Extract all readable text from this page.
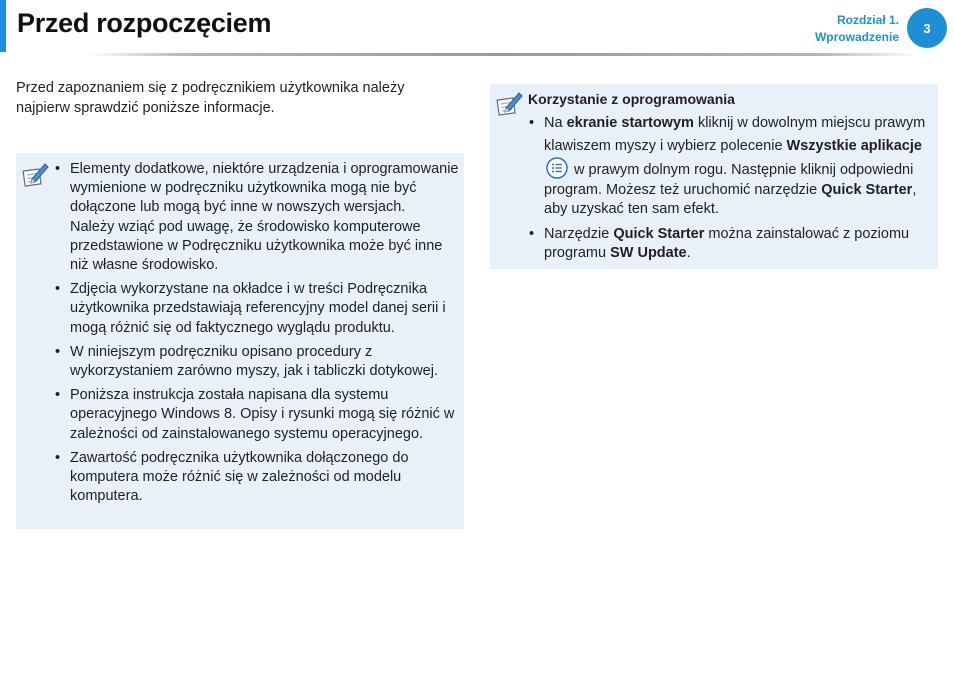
Przed rozpoczęciem	Rozdział 1.
Wprowadzenie
3

Przed zapoznaniem się z podręcznikiem użytkownika należy najpierw sprawdzić poniższe informacje.

• Elementy dodatkowe, niektóre urządzenia i oprogramowanie wymienione w podręczniku użytkownika mogą nie być dołączone lub mogą być inne w nowszych wersjach.
Należy wziąć pod uwagę, że środowisko komputerowe przedstawione w Podręczniku użytkownika może być inne niż własne środowisko.
• Zdjęcia wykorzystane na okładce i w treści Podręcznika użytkownika przedstawiają referencyjny model danej serii i mogą różnić się od faktycznego wyglądu produktu.
• W niniejszym podręczniku opisano procedury z wykorzystaniem zarówno myszy, jak i tabliczki dotykowej.
• Poniższa instrukcja została napisana dla systemu operacyjnego Windows 8. Opisy i rysunki mogą się różnić w zależności od zainstalowanego systemu operacyjnego.
• Zawartość podręcznika użytkownika dołączonego do komputera może różnić się w zależności od modelu komputera.

Korzystanie z oprogramowania

• Na ekranie startowym kliknij w dowolnym miejscu prawym klawiszem myszy i wybierz polecenie Wszystkie aplikacje w prawym dolnym rogu. Następnie kliknij odpowiedni program. Możesz też uruchomić narzędzie Quick Starter, aby uzyskać ten sam efekt.
• Narzędzie Quick Starter można zainstalować z poziomu programu SW Update.
